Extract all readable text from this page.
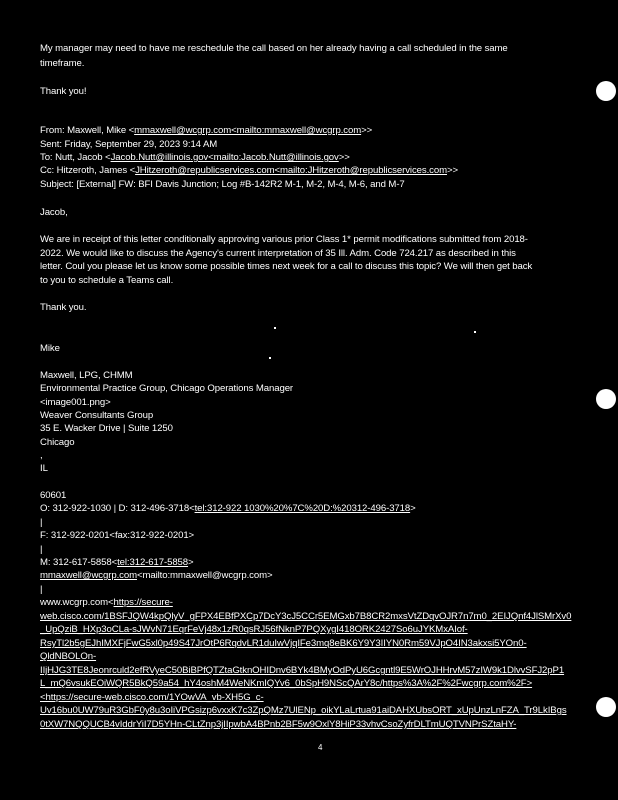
My manager may need to have me reschedule the call based on her already having a call scheduled in the same
timeframe.
Thank you!
From: Maxwell, Mike <mmaxwell@wcgrp.com<mailto:mmaxwell@wcgrp.com>>
Sent: Friday, September 29, 2023 9:14 AM
To: Nutt, Jacob <Jacob.Nutt@illinois.gov<mailto:Jacob.Nutt@illinois.gov>>
Cc: Hitzeroth, James <JHitzeroth@republicservices.com<mailto:JHitzeroth@republicservices.com>>
Subject: [External] FW: BFI Davis Junction; Log #B-142R2 M-1, M-2, M-4, M-6, and M-7
Jacob,
We are in receipt of this letter conditionally approving various prior Class 1* permit modifications submitted from 2018-
2022. We would like to discuss the Agency's current interpretation of 35 Ill. Adm. Code 724.217 as described in this
letter. Coul you please let us know some possible times next week for a call to discuss this topic? We will then get back
to you to schedule a Teams call.
Thank you.
Mike
Maxwell, LPG, CHMM
Environmental Practice Group, Chicago Operations Manager
<image001.png>
Weaver Consultants Group
35 E. Wacker Drive | Suite 1250
Chicago
,
IL
60601
O: 312-922-1030 | D: 312-496-3718<tel:312-922 1030%20%7C%20D:%20312-496-3718>
|
F: 312-922-0201<fax:312-922-0201>
|
M: 312-617-5858<tel:312-617-5858>
mmaxwell@wcgrp.com<mailto:mmaxwell@wcgrp.com>
|
www.wcgrp.com<https://secure-
web.cisco.com/1BSFJQW4kpQlyV_gFPX4EBfPXCp7DcY3cJ5CCr5EMGxb7B8CR2mxsVtZDqvOJR7n7m0_2EIJQnf4JlSMrXv0
_UpQziB_HXp3oCLa-sJWvN71EqrFeVj48x1zR0qsRJ56fNknP7PQXygI418ORK2427So6uJYKMxAIof-
RsyTl2b5gEJhIMXFjFwG5xl0p49S47JrOtP6RqdvLR1duIwVjqIFe3mq8eBK6Y9Y3IIYN0Rm59VJpO4IN3akxsi5YOn0-
QldNBOLOn-
IIjHJG3TE8Jeonrculd2efRVyeC50BiBPfQTZtaGtknOHIDnv6BYk4BMyOdPyU6Gcgntl9E5WrOJHHrvM57zIW9k1DlvvSFJ2pP1
L_mQ6vsukEOiWQR5BkQ59a54_hY4oshM4WeNKmIQYv6_0bSpH9NScQArY8c/https%3A%2F%2Fwcgrp.com%2F>
<https://secure-web.cisco.com/1YOwVA_vb-XH5G_c-
Uv16bu0UW79uR3GbF0y8u3oIiVPGsizp6vxxK7c3ZpQMz7UlENp_oikYLaLrtua91aiDAHXUbsORT_xUpUnzLnFZA_Tr9LkIBgs
0tXW7NQQUCB4vIddrYiI7D5YHn-CLtZnp3jIIpwbA4BPnb2BF5w9OxlY8HiP33vhvCsoZyfrDLTmUQTVNPrSZtaHY-
4
